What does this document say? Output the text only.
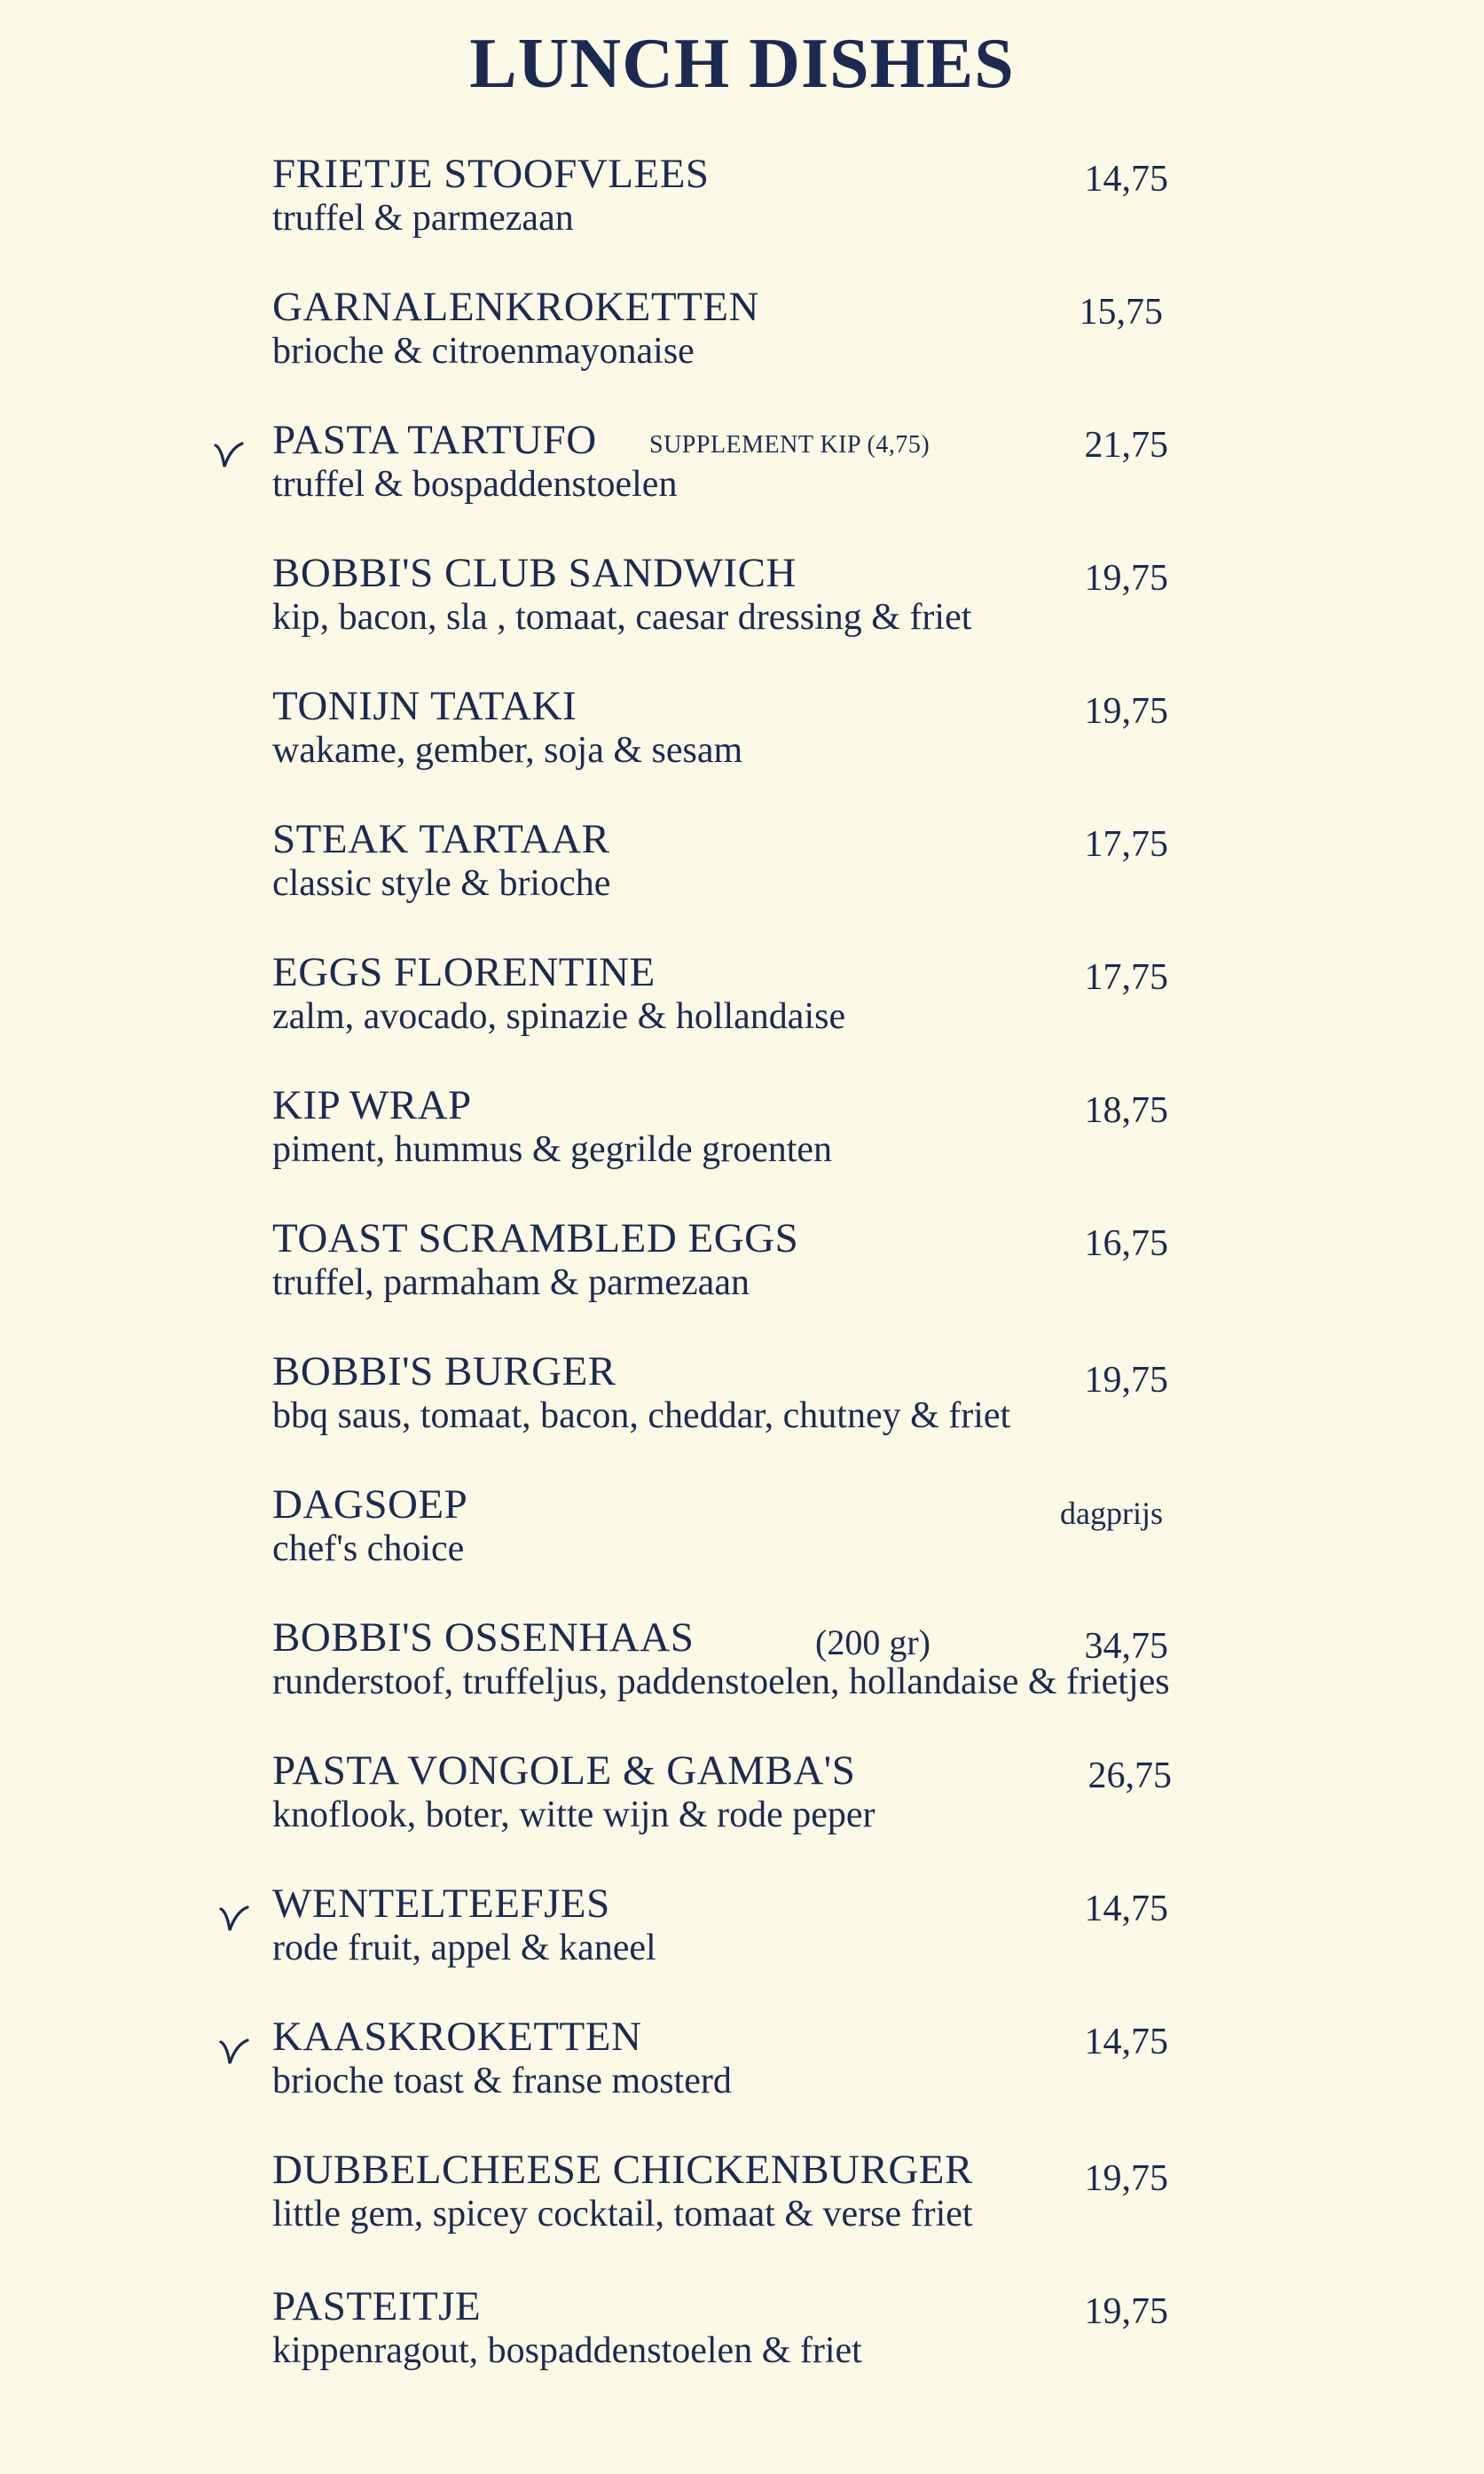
LUNCH DISHES
FRIETJE STOOFVLEES	14,75
truffel & parmezaan
GARNALENKROKETTEN	15,75
brioche & citroenmayonaise
PASTA TARTUFO SUPPLEMENT KIP (4,75)	21,75
truffel & bospaddenstoelen
BOBBI'S CLUB SANDWICH	19,75
kip, bacon, sla , tomaat, caesar dressing & friet
TONIJN TATAKI	19,75
wakame, gember, soja & sesam
STEAK TARTAAR	17,75
classic style & brioche
EGGS FLORENTINE	17,75
zalm, avocado, spinazie & hollandaise
KIP WRAP	18,75
piment, hummus & gegrilde groenten
TOAST SCRAMBLED EGGS	16,75
truffel, parmaham & parmezaan
BOBBI'S BURGER	19,75
bbq saus, tomaat, bacon, cheddar, chutney & friet
DAGSOEP	dagprijs
chef's choice
BOBBI'S OSSENHAAS	(200 gr)	34,75
runderstoof, truffeljus, paddenstoelen, hollandaise & frietjes
PASTA VONGOLE & GAMBA'S	26,75
knoflook, boter, witte wijn & rode peper
WENTELTEEFJES	14,75
rode fruit, appel & kaneel
KAASKROKETTEN	14,75
brioche toast & franse mosterd
DUBBELCHEESE CHICKENBURGER	19,75
little gem, spicey cocktail, tomaat & verse friet
PASTEITJE	19,75
kippenragout, bospaddenstoelen & friet
